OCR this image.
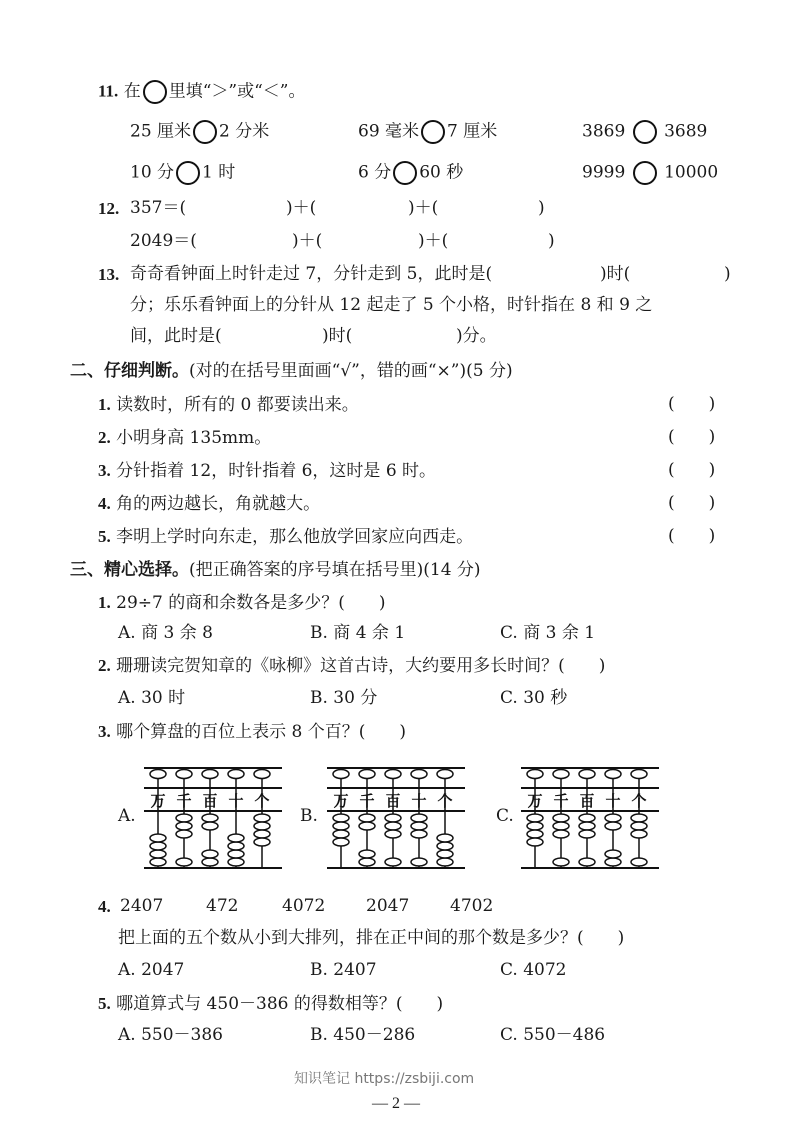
11. 在 里填“＞”或“＜”。
25 厘米 2 分米	69 毫米 7 厘米	3869 3689
10 分 1 时	6 分 60 秒	9999 10000
12. 357＝(	)＋(	)＋(	)
2049＝(	)＋(	)＋(	)
13. 奇奇看钟面上时针走过 7，分针走到 5，此时是(	)时(	)
分；乐乐看钟面上的分针从 12 起走了 5 个小格，时针指在 8 和 9 之
间，此时是(	)时(	)分。
二、仔细判断。(对的在括号里面画“√”，错的画“×”)(5 分)
1. 读数时，所有的 0 都要读出来。	(　　)
2. 小明身高 135mm。	(　　)
3. 分针指着 12，时针指着 6，这时是 6 时。	(　　)
4. 角的两边越长，角就越大。	(　　)
5. 李明上学时向东走，那么他放学回家应向西走。	(　　)
三、精心选择。(把正确答案的序号填在括号里)(14 分)
1. 29÷7 的商和余数各是多少？(　　)
A. 商 3 余 8	B. 商 4 余 1	C. 商 3 余 1
2. 珊珊读完贺知章的《咏柳》这首古诗，大约要用多长时间？(　　)
A. 30 时	B. 30 分	C. 30 秒
3. 哪个算盘的百位上表示 8 个百？(　　)
A.	B.	C.
万 千 百 十 个	万 千 百 十 个	万 千 百 十 个
4. 2407	472	4072 2047 4702
把上面的五个数从小到大排列，排在正中间的那个数是多少？(　　)
A. 2047	B. 2407	C. 4072
5. 哪道算式与 450－386 的得数相等？(　　)
A. 550－386	B. 450－286	C. 550－486
知识笔记 https://zsbiji.com
— 2 —
